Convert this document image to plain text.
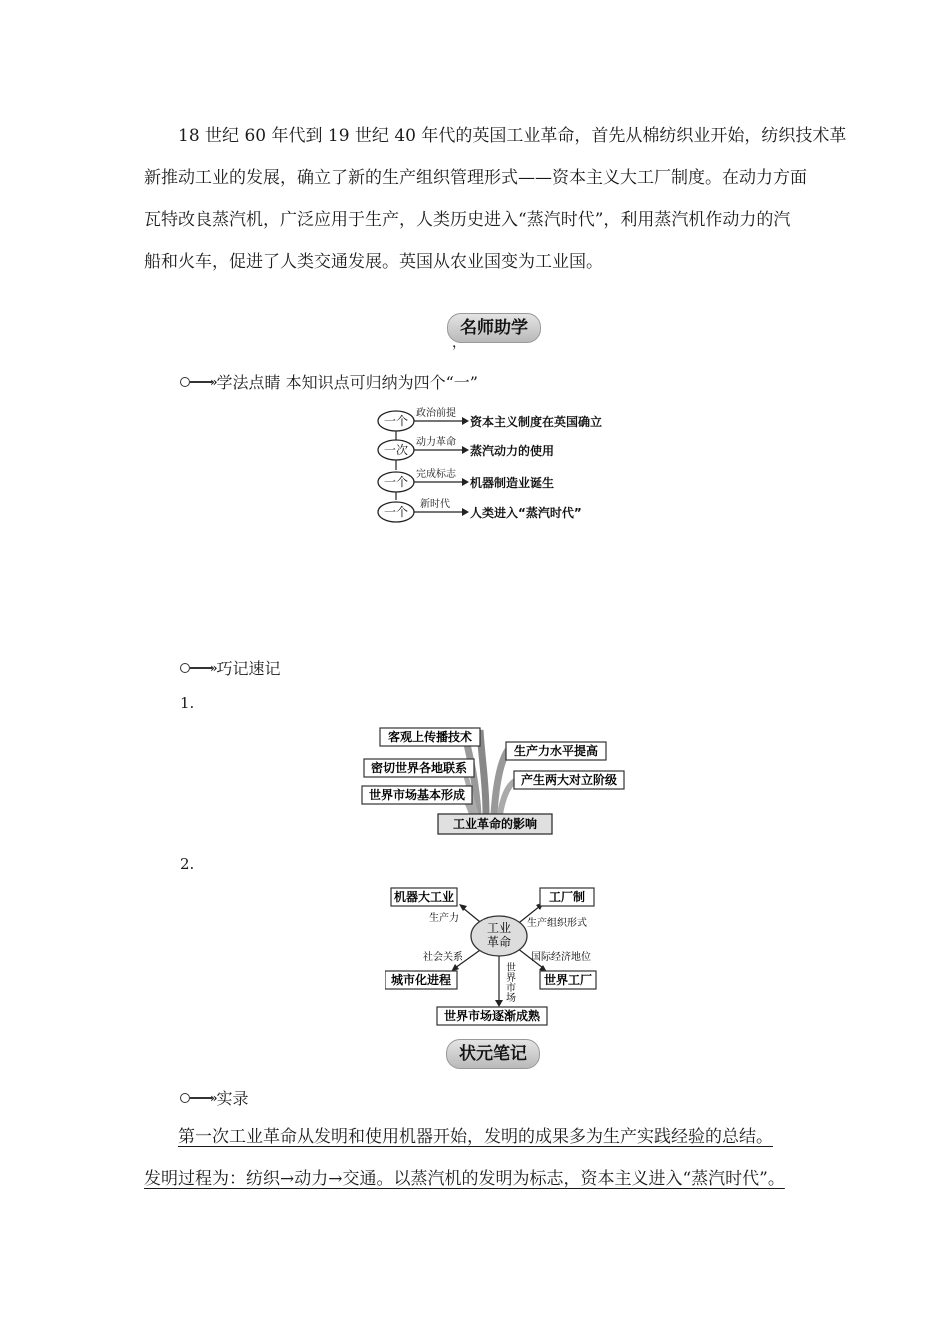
18 世纪 60 年代到 19 世纪 40 年代的英国工业革命，首先从棉纺织业开始，纺织技术革
新推动工业的发展，确立了新的生产组织管理形式——资本主义大工厂制度。在动力方面
瓦特改良蒸汽机，广泛应用于生产，人类历史进入“蒸汽时代”，利用蒸汽机作动力的汽
船和火车，促进了人类交通发展。英国从农业国变为工业国。
名师助学
，
» 学法点睛 本知识点可归纳为四个“一”
一个
政治前提
资本主义制度在英国确立
一次
动力革命
蒸汽动力的使用
一个
完成标志
机器制造业诞生
一个
新时代
人类进入“蒸汽时代”
» 巧记速记
1.
客观上传播技术
密切世界各地联系
世界市场基本形成
生产力水平提高
产生两大对立阶级
工业革命的影响
2.
工业
革命
机器大工业	工厂制
城市化进程	世界工厂
世界市场逐渐成熟
生产力	生产组织形式
社会关系	国际经济地位
世界市场
状元笔记
» 实录
第一次工业革命从发明和使用机器开始，发明的成果多为生产实践经验的总结。
发明过程为：纺织→动力→交通。以蒸汽机的发明为标志，资本主义进入“蒸汽时代”。
